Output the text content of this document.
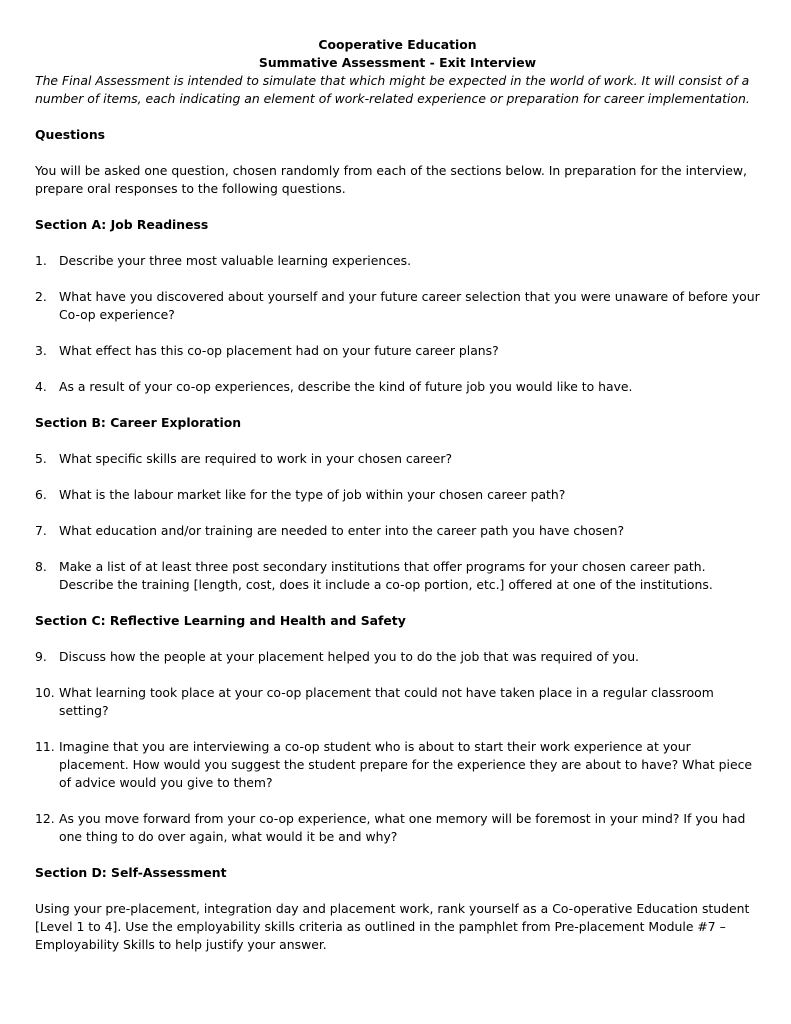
Cooperative Education
Summative Assessment - Exit Interview

The Final Assessment is intended to simulate that which might be expected in the world of work. It will consist of a number of items, each indicating an element of work-related experience or preparation for career implementation.

Questions

You will be asked one question, chosen randomly from each of the sections below. In preparation for the interview, prepare oral responses to the following questions.

Section A: Job Readiness

1. Describe your three most valuable learning experiences.
2. What have you discovered about yourself and your future career selection that you were unaware of before your Co-op experience?
3. What effect has this co-op placement had on your future career plans?
4. As a result of your co-op experiences, describe the kind of future job you would like to have.

Section B: Career Exploration

5. What specific skills are required to work in your chosen career?
6. What is the labour market like for the type of job within your chosen career path?
7. What education and/or training are needed to enter into the career path you have chosen?
8. Make a list of at least three post secondary institutions that offer programs for your chosen career path. Describe the training [length, cost, does it include a co-op portion, etc.] offered at one of the institutions.

Section C: Reflective Learning and Health and Safety

9. Discuss how the people at your placement helped you to do the job that was required of you.
10. What learning took place at your co-op placement that could not have taken place in a regular classroom setting?
11. Imagine that you are interviewing a co-op student who is about to start their work experience at your placement. How would you suggest the student prepare for the experience they are about to have? What piece of advice would you give to them?
12. As you move forward from your co-op experience, what one memory will be foremost in your mind? If you had one thing to do over again, what would it be and why?

Section D: Self-Assessment

Using your pre-placement, integration day and placement work, rank yourself as a Co-operative Education student [Level 1 to 4]. Use the employability skills criteria as outlined in the pamphlet from Pre-placement Module #7 – Employability Skills to help justify your answer.
